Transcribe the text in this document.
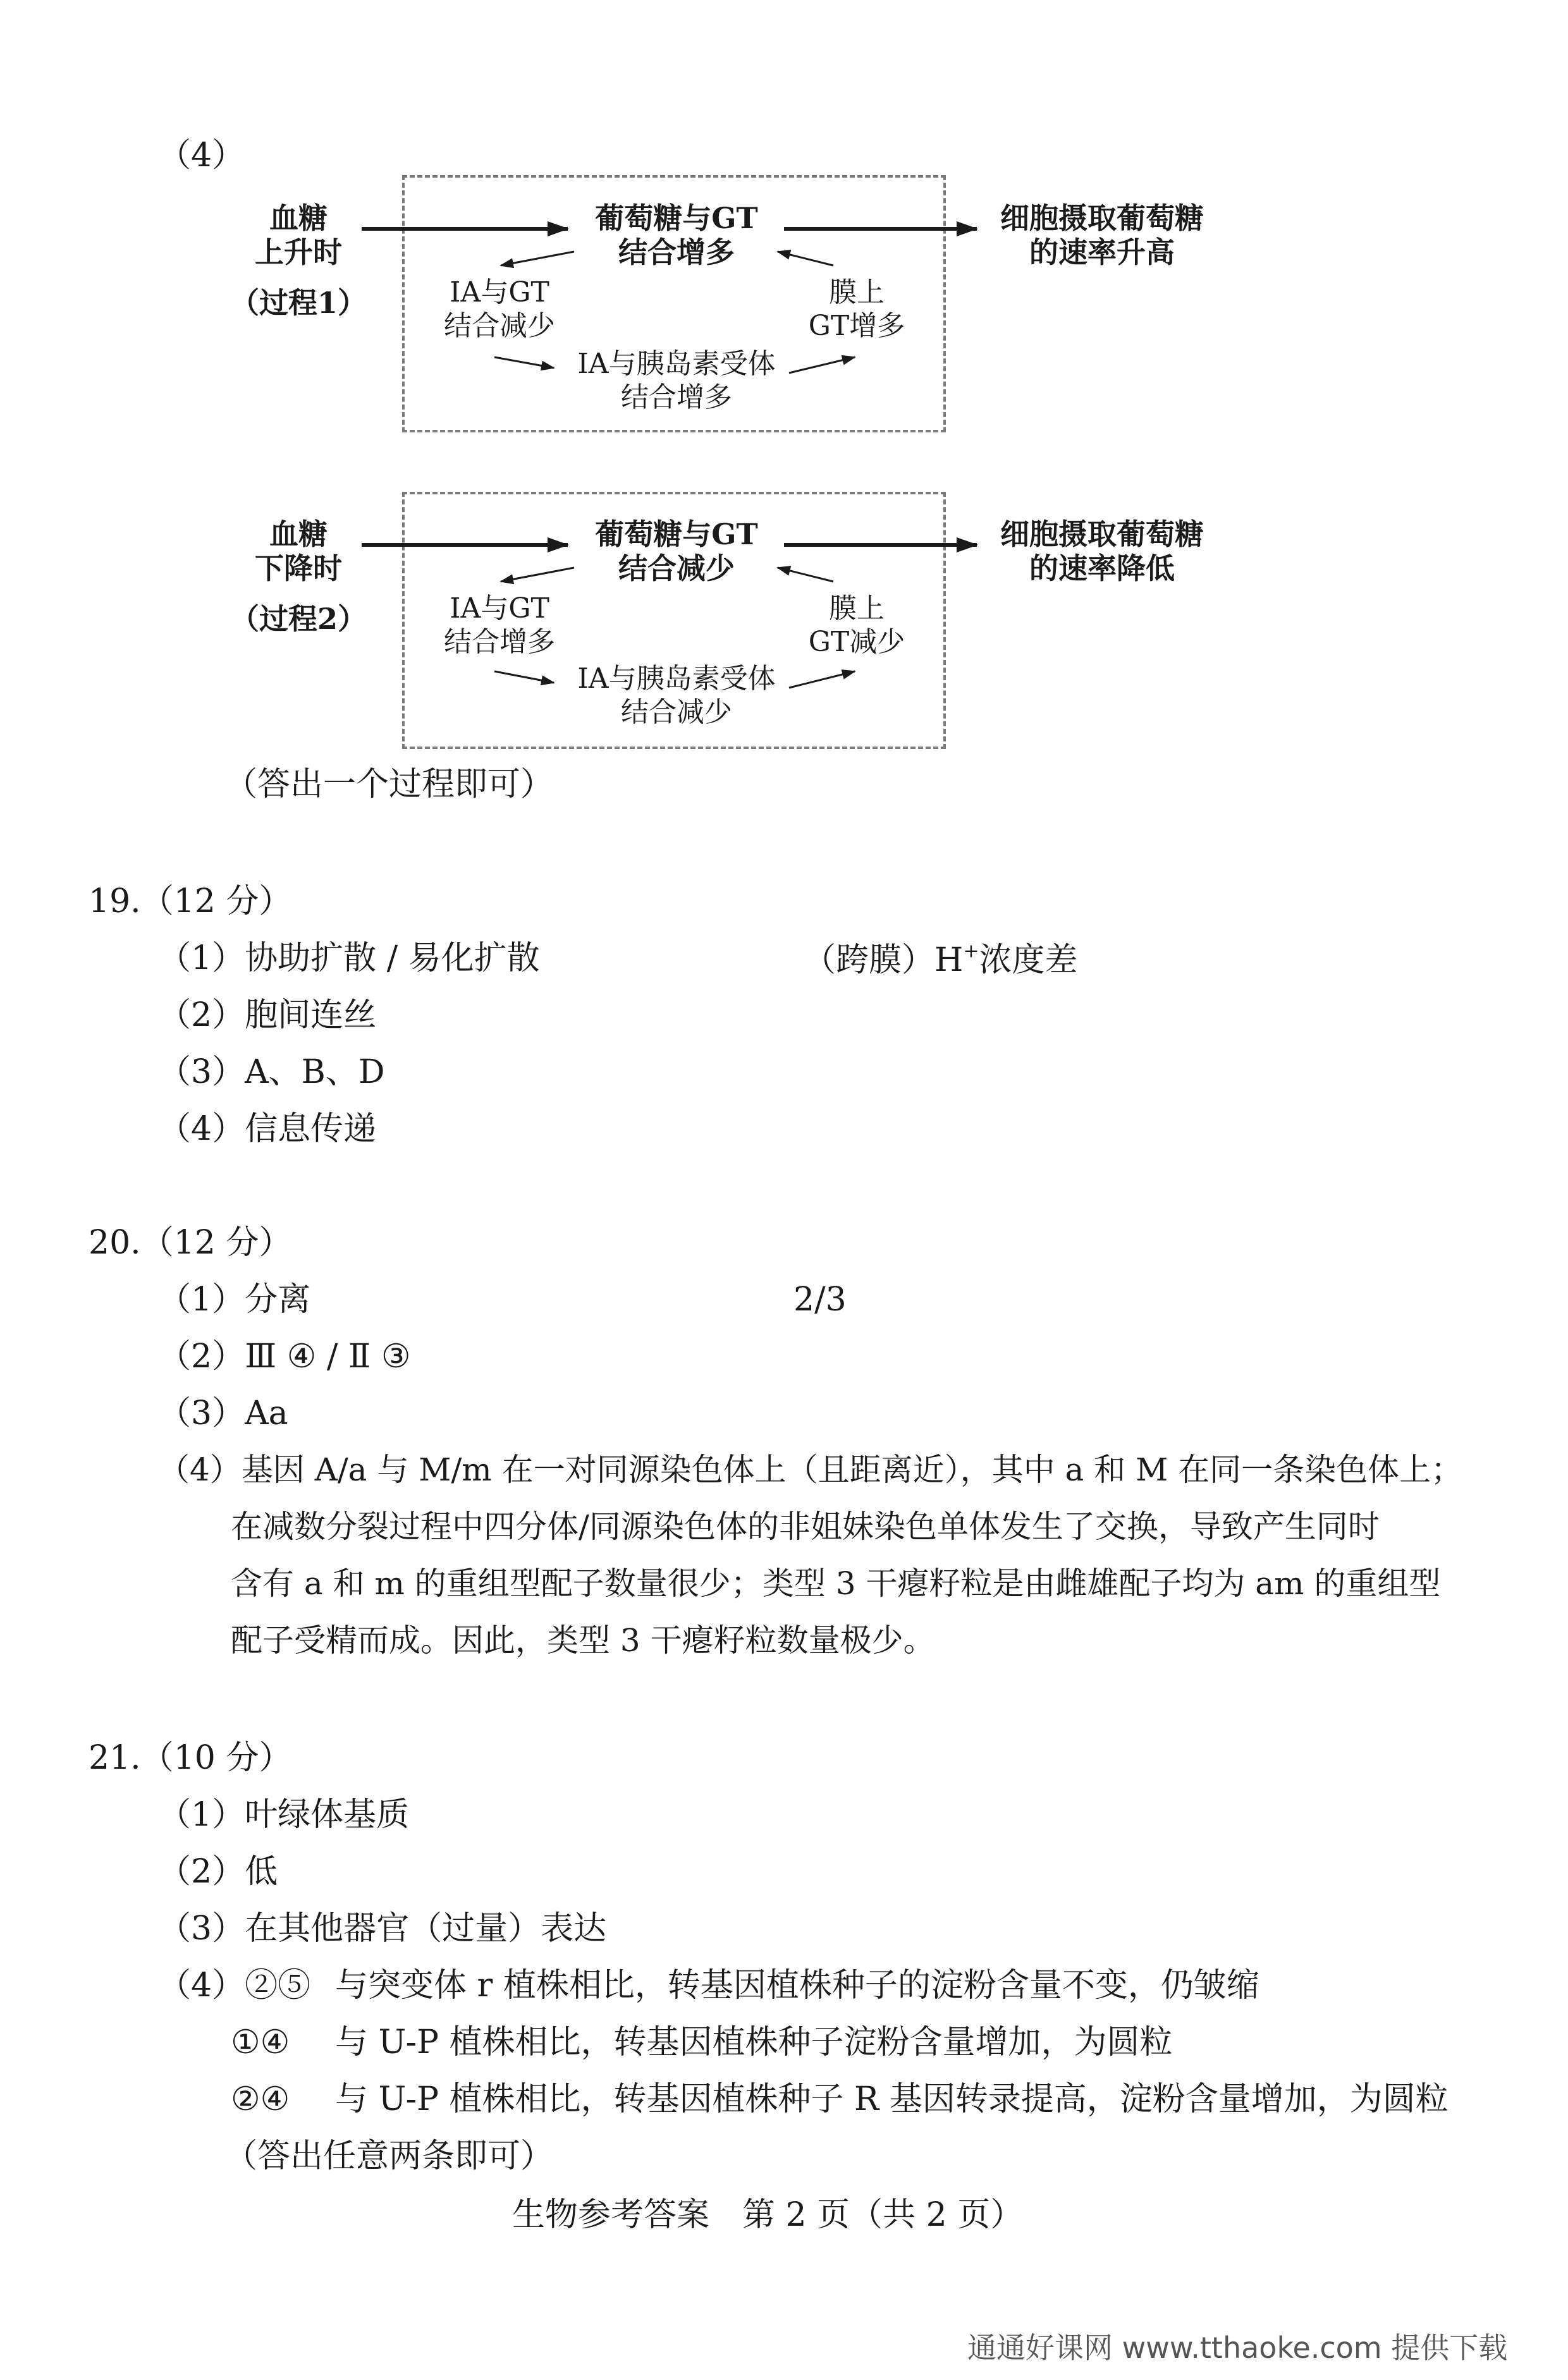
（4）
血糖
上升时
（过程1）
葡萄糖与GT
结合增多
细胞摄取葡萄糖
的速率升高
IA与GT
结合减少
膜上
GT增多
IA与胰岛素受体
结合增多
血糖
下降时
（过程2）
葡萄糖与GT
结合减少
细胞摄取葡萄糖
的速率降低
IA与GT
结合增多
膜上
GT减少
IA与胰岛素受体
结合减少
（答出一个过程即可）
19.（12 分）
（1）协助扩散 / 易化扩散	（跨膜）H+浓度差
（2）胞间连丝
（3）A、B、D
（4）信息传递
20.（12 分）
（1）分离	2/3
（2）Ⅲ ④ / Ⅱ ③
（3）Aa
（4）基因 A/a 与 M/m 在一对同源染色体上（且距离近），其中 a 和 M 在同一条染色体上；
在减数分裂过程中四分体/同源染色体的非姐妹染色单体发生了交换，导致产生同时
含有 a 和 m 的重组型配子数量很少；类型 3 干瘪籽粒是由雌雄配子均为 am 的重组型
配子受精而成。因此，类型 3 干瘪籽粒数量极少。
21.（10 分）
（1）叶绿体基质
（2）低
（3）在其他器官（过量）表达
（4）②⑤ 与突变体 r 植株相比，转基因植株种子的淀粉含量不变，仍皱缩
①④ 与 U-P 植株相比，转基因植株种子淀粉含量增加，为圆粒
②④ 与 U-P 植株相比，转基因植株种子 R 基因转录提高，淀粉含量增加，为圆粒
（答出任意两条即可）
生物参考答案　第 2 页（共 2 页）
通通好课网 www.tthaoke.com 提供下载
